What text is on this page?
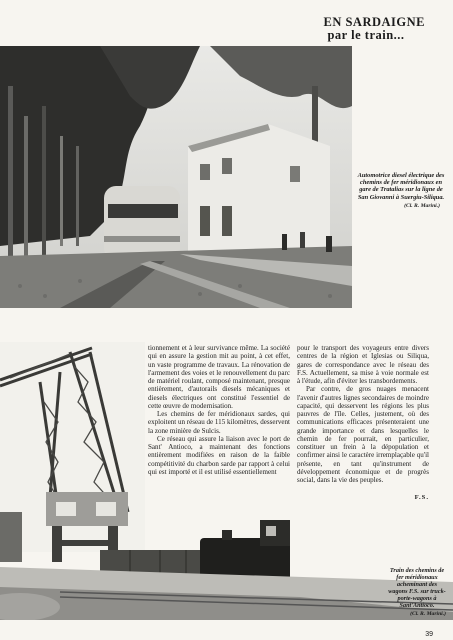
EN SARDAIGNE
par le train...
Automotrice diesel électrique des chemins de fer méridionaux en gare de Tratalias sur la ligne de San Giovanni à Suergiu-Siliqua.
(Cl. R. Marini.)

tionnement et à leur survivance même. La société qui en assure la gestion mit au point, à cet effet, un vaste programme de travaux. La rénovation de l'armement des voies et le renouvellement du parc de matériel roulant, composé maintenant, presque entièrement, d'autorails diesels mécaniques et diesels électriques ont constitué l'essentiel de cette œuvre de modernisation.

Les chemins de fer méridionaux sardes, qui exploitent un réseau de 115 kilomètres, desservent la zone minière de Sulcis.

Ce réseau qui assure la liaison avec le port de Sant' Antioco, a maintenant des fonctions entièrement modifiées en raison de la faible compétitivité du charbon sarde par rapport à celui qui est importé et il est utilisé essentiellement

pour le transport des voyageurs entre divers centres de la région et Iglesias ou Siliqua, gares de correspondance avec le réseau des F.S. Actuellement, sa mise à voie normale est à l'étude, afin d'éviter les transbordements.

Par contre, de gros nuages menacent l'avenir d'autres lignes secondaires de moindre capacité, qui desservent les régions les plus pauvres de l'île. Celles, justement, où des communications efficaces présenteraient une grande importance et dans lesquelles le chemin de fer pourrait, en particulier, constituer un frein à la dépopulation et confirmer ainsi le caractère irremplaçable qu'il présente, en tant qu'instrument de développement économique et de progrès social, dans la vie des peuples.

F.S.
Train des chemins de fer méridionaux acheminant des wagons F.S. sur truck-porte-wagons à Sant'Antioco.
(Cl. R. Marini.)
39
